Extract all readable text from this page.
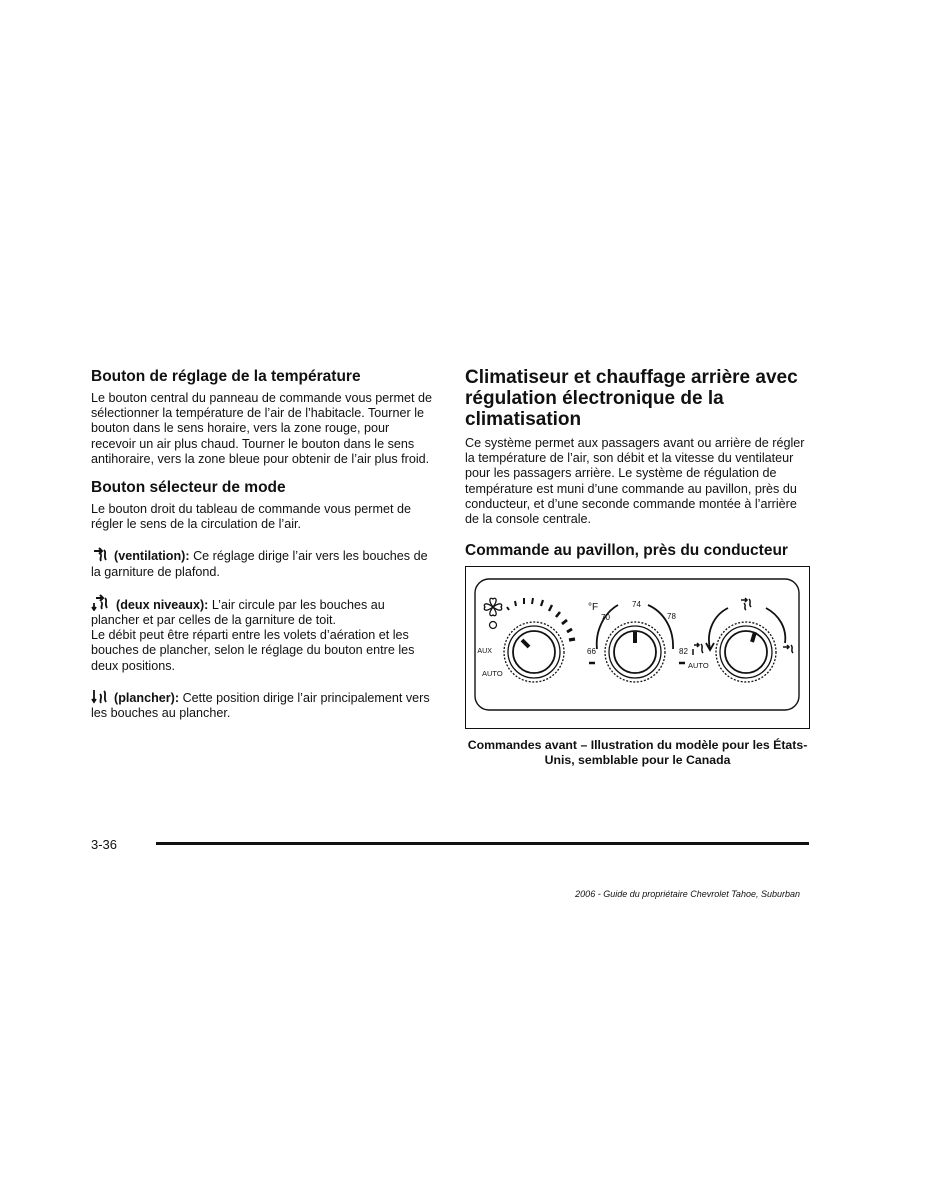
Bouton de réglage de la température

Le bouton central du panneau de commande vous permet de sélectionner la température de l’air de l’habitacle. Tourner le bouton dans le sens horaire, vers la zone rouge, pour recevoir un air plus chaud. Tourner le bouton dans le sens antihoraire, vers la zone bleue pour obtenir de l’air plus froid.

Bouton sélecteur de mode

Le bouton droit du tableau de commande vous permet de régler le sens de la circulation de l’air.

(ventilation): Ce réglage dirige l’air vers les bouches de la garniture de plafond.

(deux niveaux): L’air circule par les bouches au plancher et par celles de la garniture de toit.
Le débit peut être réparti entre les volets d’aération et les bouches de plancher, selon le réglage du bouton entre les deux positions.

(plancher): Cette position dirige l’air principalement vers les bouches au plancher.

Climatiseur et chauffage arrière avec régulation électronique de la climatisation

Ce système permet aux passagers avant ou arrière de régler la température de l’air, son débit et la vitesse du ventilateur pour les passagers arrière. Le système de régulation de température est muni d’une commande au pavillon, près du conducteur, et d’une seconde commande montée à l’arrière de la console centrale.

Commande au pavillon, près du conducteur
AUX
AUTO
°F
70
74
78
66	82
AUTO
Commandes avant – Illustration du modèle pour les États-Unis, semblable pour le Canada
3-36
2006 - Guide du propriétaire Chevrolet Tahoe, Suburban
